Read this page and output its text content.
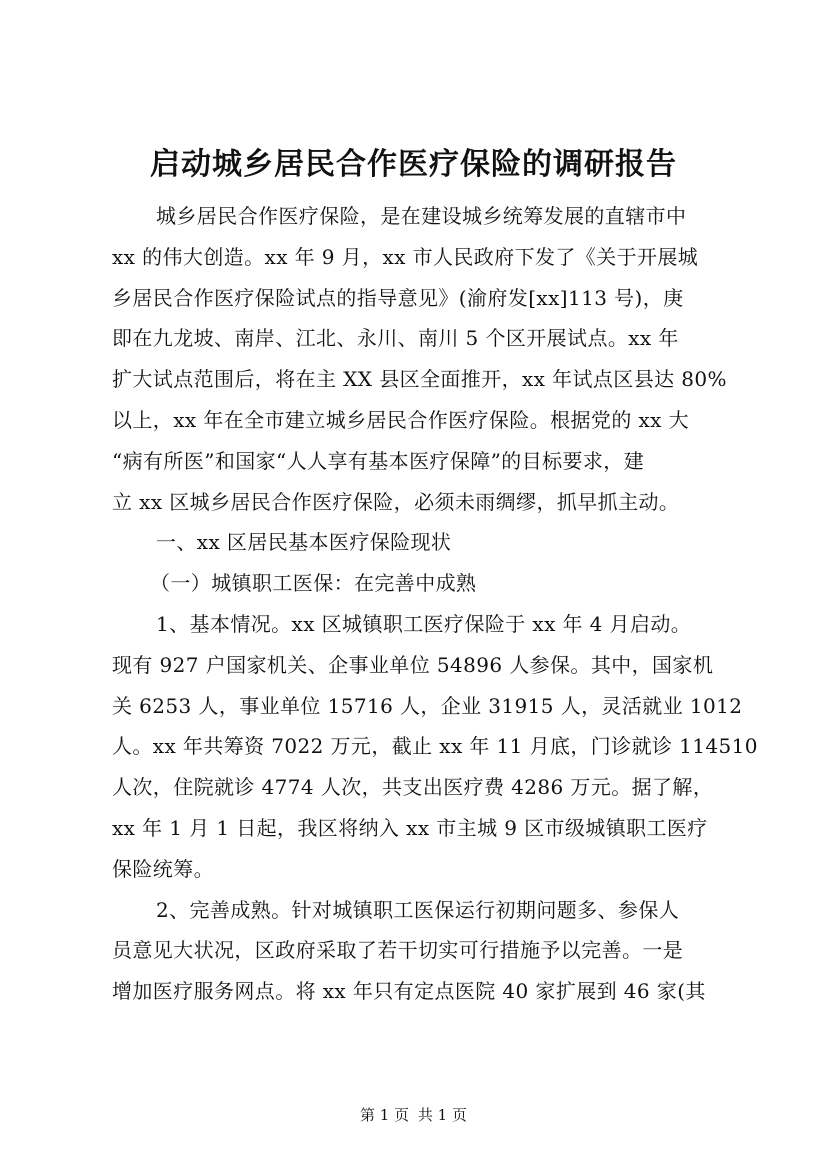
启动城乡居民合作医疗保险的调研报告
城乡居民合作医疗保险，是在建设城乡统筹发展的直辖市中
xx 的伟大创造。xx 年 9 月，xx 市人民政府下发了《关于开展城
乡居民合作医疗保险试点的指导意见》(渝府发[xx]113 号)，庚
即在九龙坡、南岸、江北、永川、南川 5 个区开展试点。xx 年
扩大试点范围后，将在主 XX 县区全面推开，xx 年试点区县达 80%
以上，xx 年在全市建立城乡居民合作医疗保险。根据党的 xx 大
“病有所医”和国家“人人享有基本医疗保障”的目标要求，建
立 xx 区城乡居民合作医疗保险，必须未雨绸缪，抓早抓主动。
一、xx 区居民基本医疗保险现状
（一）城镇职工医保：在完善中成熟
1、基本情况。xx 区城镇职工医疗保险于 xx 年 4 月启动。
现有 927 户国家机关、企事业单位 54896 人参保。其中，国家机
关 6253 人，事业单位 15716 人，企业 31915 人，灵活就业 1012
人。xx 年共筹资 7022 万元，截止 xx 年 11 月底，门诊就诊 114510
人次，住院就诊 4774 人次，共支出医疗费 4286 万元。据了解，
xx 年 1 月 1 日起，我区将纳入 xx 市主城 9 区市级城镇职工医疗
保险统筹。
2、完善成熟。针对城镇职工医保运行初期问题多、参保人
员意见大状况，区政府采取了若干切实可行措施予以完善。一是
增加医疗服务网点。将 xx 年只有定点医院 40 家扩展到 46 家(其
第 1 页 共 1 页
